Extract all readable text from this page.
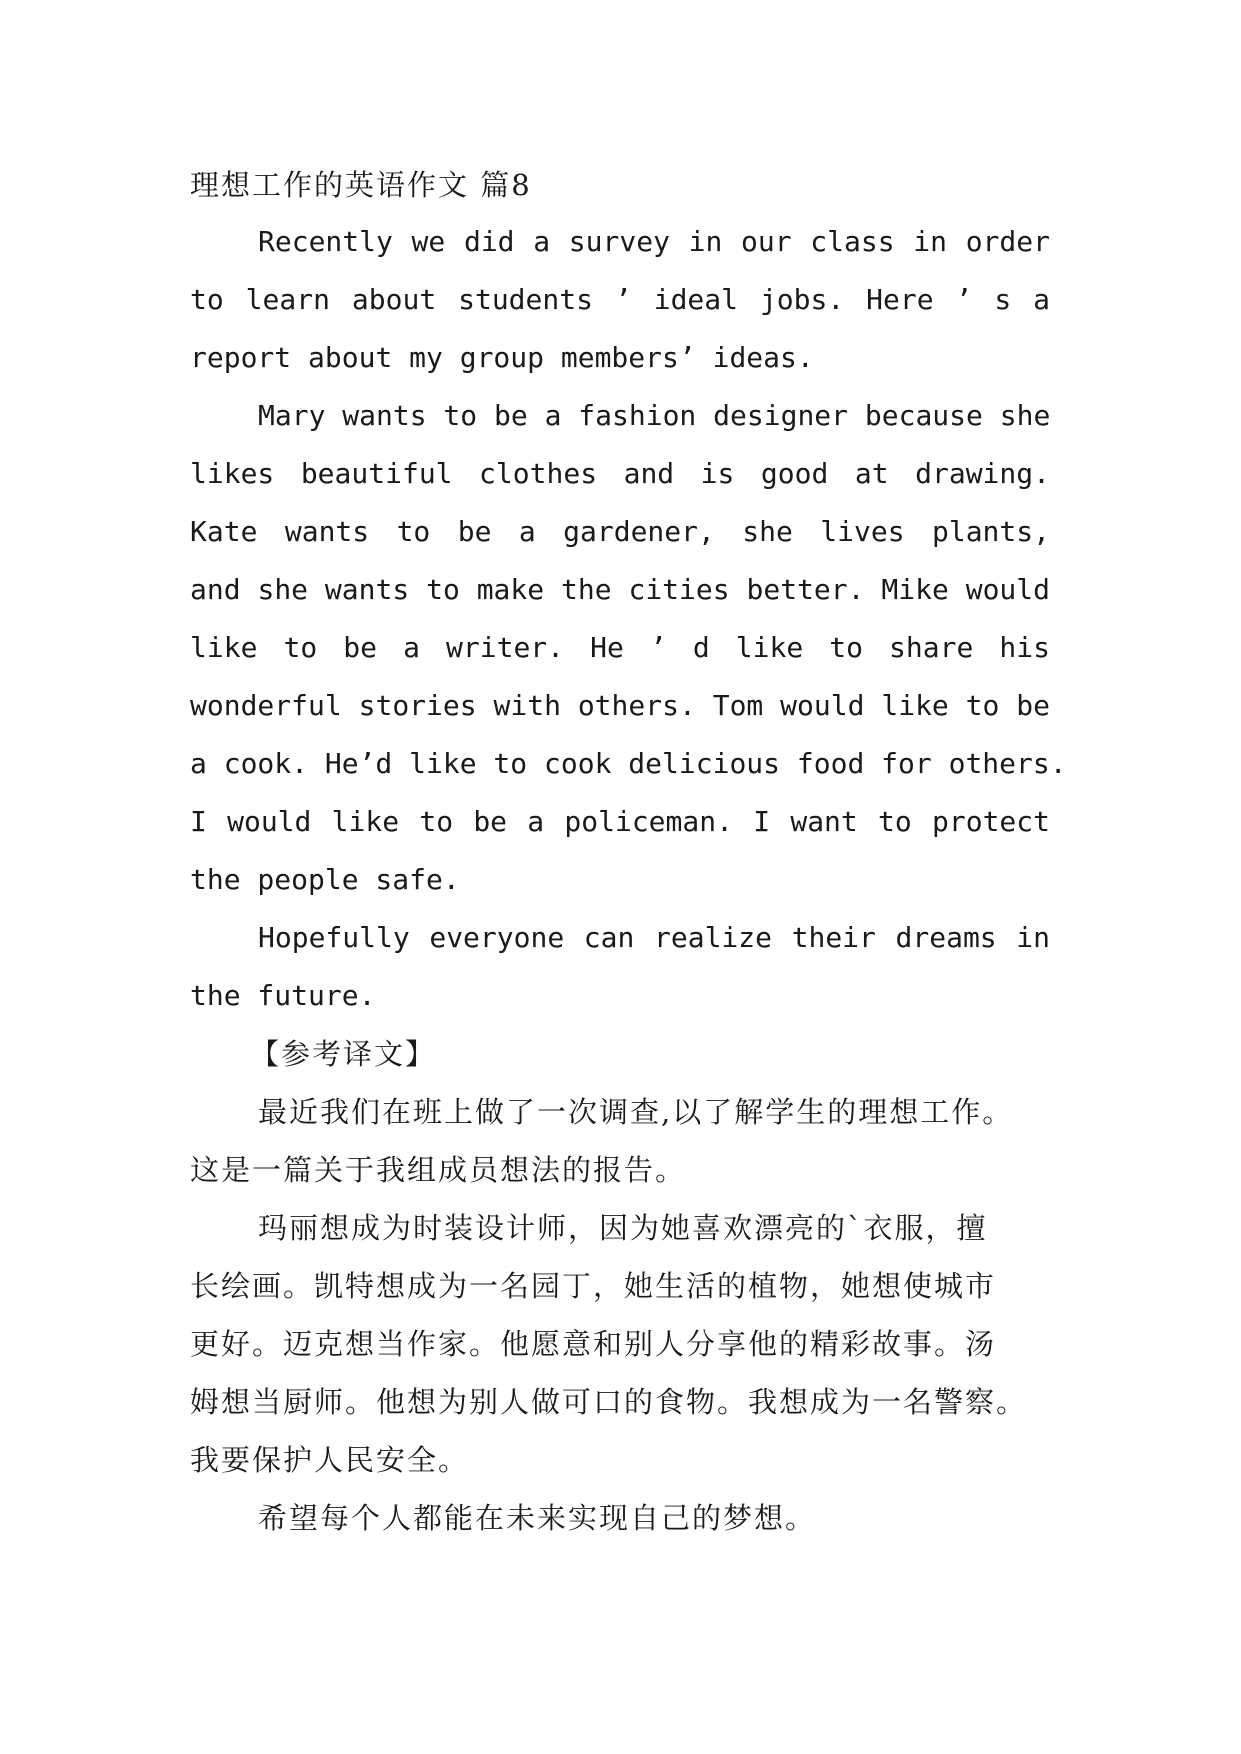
理想工作的英语作文 篇8
Recently we did a survey in our class in order
to learn about students ’ ideal jobs. Here ’ s a
report about my group members’ ideas.
Mary wants to be a fashion designer because she
likes beautiful clothes and is good at drawing.
Kate wants to be a gardener, she lives plants,
and she wants to make the cities better. Mike would
like to be a writer. He ’ d like to share his
wonderful stories with others. Tom would like to be
a cook. He’d like to cook delicious food for others.
I would like to be a policeman. I want to protect
the people safe.
Hopefully everyone can realize their dreams in
the future.
【参考译文】
最近我们在班上做了一次调查,以了解学生的理想工作。
这是一篇关于我组成员想法的报告。
玛丽想成为时装设计师，因为她喜欢漂亮的`衣服，擅
长绘画。凯特想成为一名园丁，她生活的植物，她想使城市
更好。迈克想当作家。他愿意和别人分享他的精彩故事。汤
姆想当厨师。他想为别人做可口的食物。我想成为一名警察。
我要保护人民安全。
希望每个人都能在未来实现自己的梦想。
